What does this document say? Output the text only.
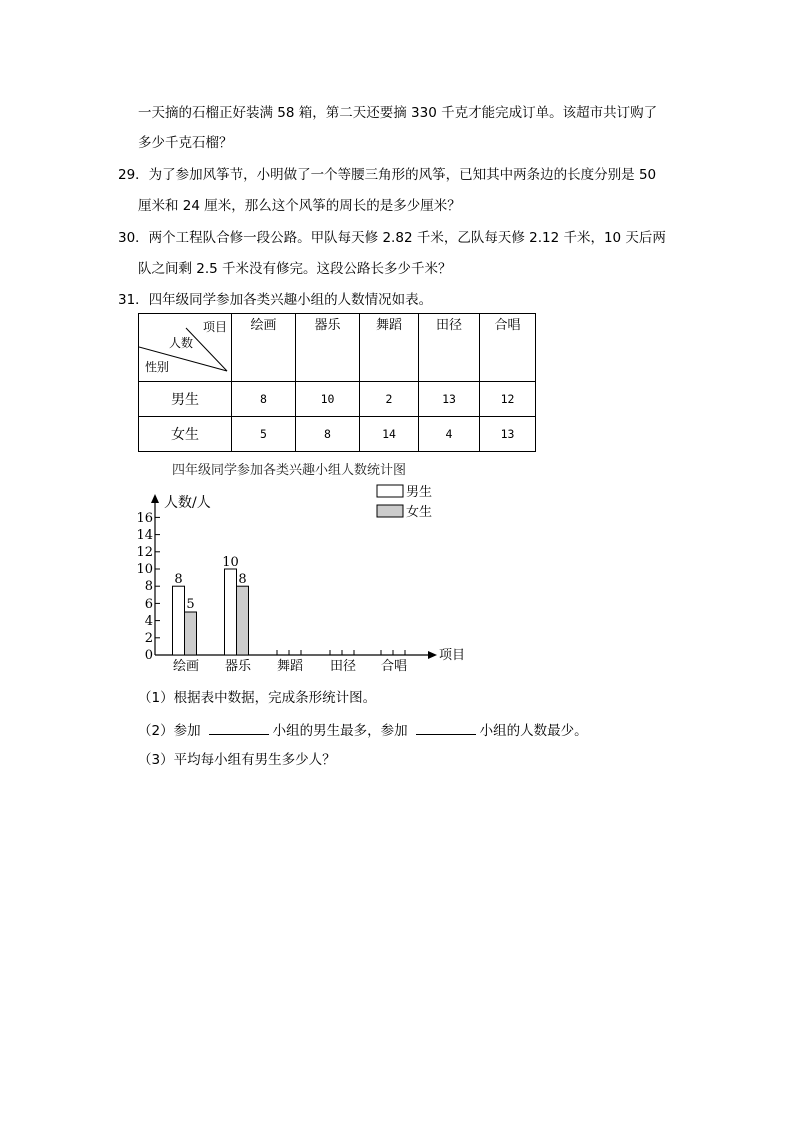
一天摘的石榴正好装满 58 箱，第二天还要摘 330 千克才能完成订单。该超市共订购了
多少千克石榴？
29．为了参加风筝节，小明做了一个等腰三角形的风筝，已知其中两条边的长度分别是 50
厘米和 24 厘米，那么这个风筝的周长的是多少厘米？
30．两个工程队合修一段公路。甲队每天修 2.82 千米，乙队每天修 2.12 千米，10 天后两
队之间剩 2.5 千米没有修完。这段公路长多少千米？
31．四年级同学参加各类兴趣小组的人数情况如表。
项目
人数
性别	绘画	器乐	舞蹈	田径	合唱
男生	8	10	2	13	12
女生	5	8	14	4	13
四年级同学参加各类兴趣小组人数统计图
0
2
4
6
8
10
12
14
16
人数/人
8
5
10
8
绘画 器乐 舞蹈 田径 合唱
项目
男生
女生
（1）根据表中数据，完成条形统计图。
（2）参加	小组的男生最多，参加	小组的人数最少。
（3）平均每小组有男生多少人？
